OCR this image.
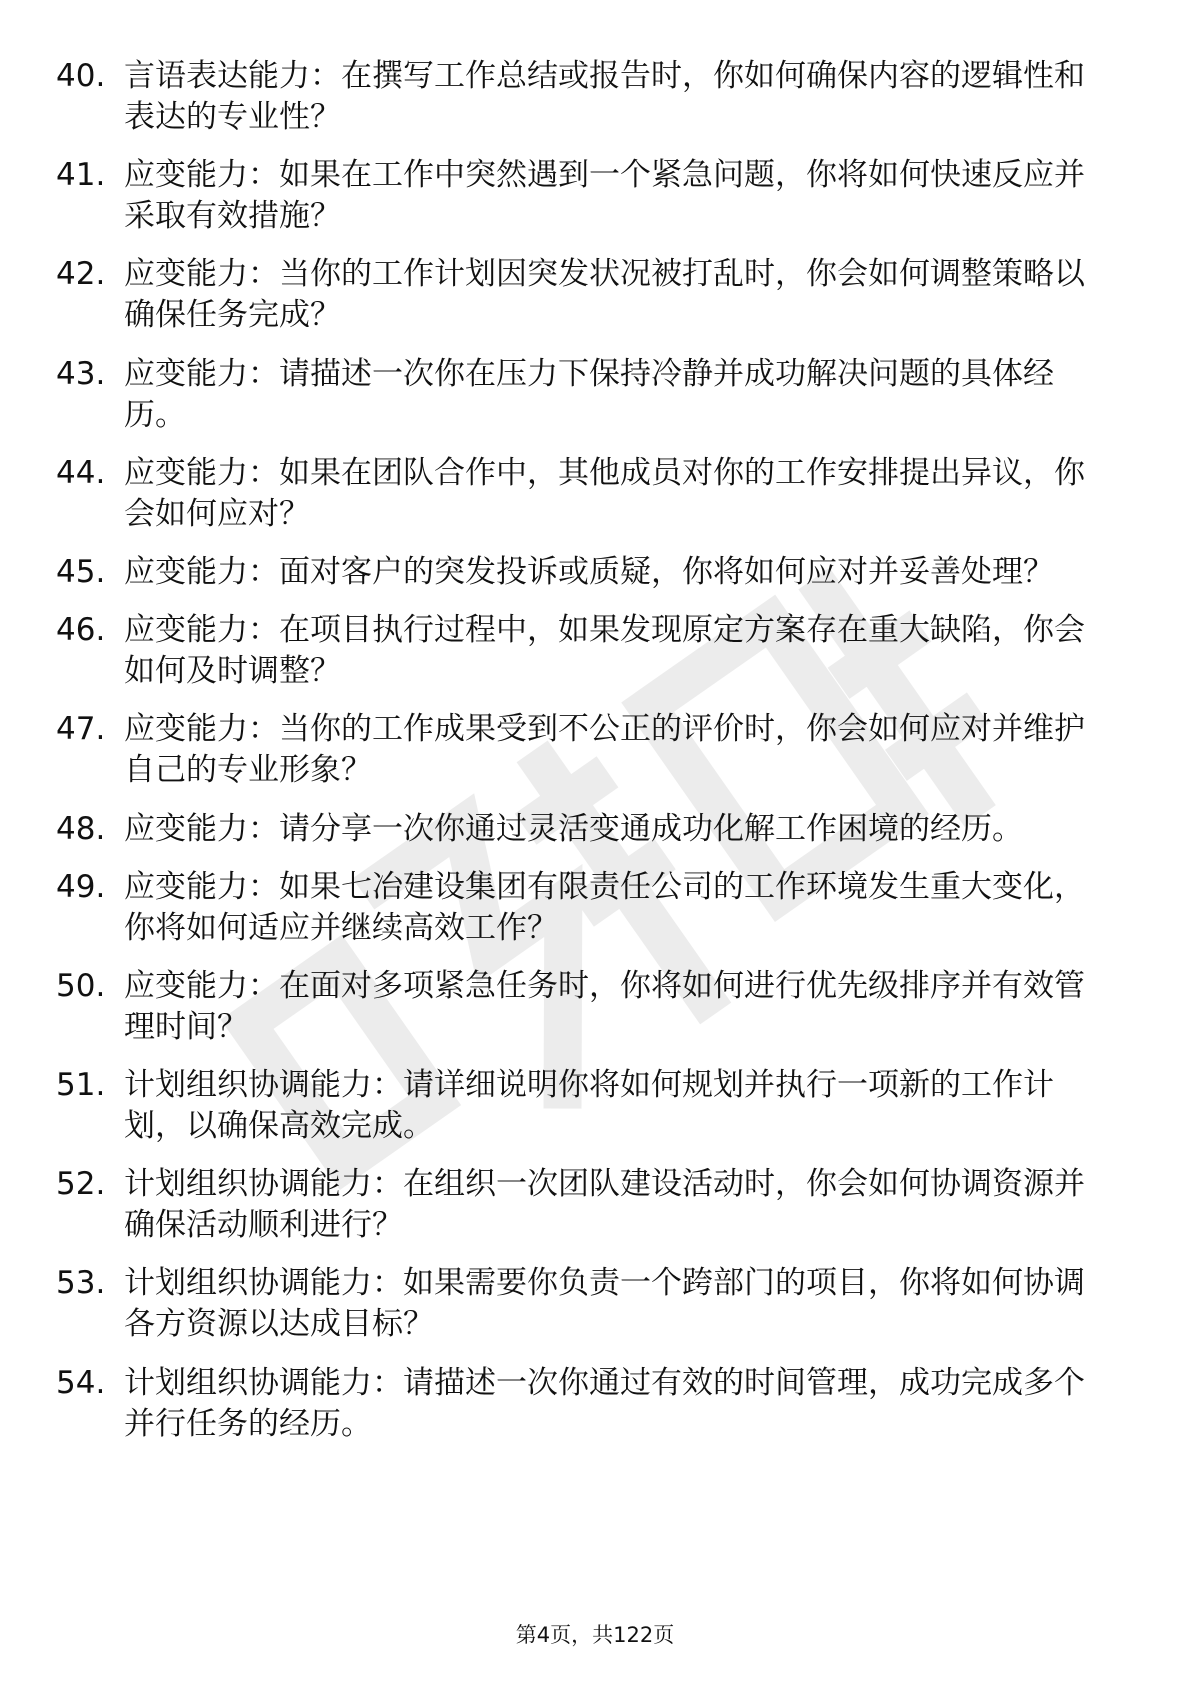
40. 言语表达能力：在撰写工作总结或报告时，你如何确保内容的逻辑性和表达的专业性？
41. 应变能力：如果在工作中突然遇到一个紧急问题，你将如何快速反应并采取有效措施？
42. 应变能力：当你的工作计划因突发状况被打乱时，你会如何调整策略以确保任务完成？
43. 应变能力：请描述一次你在压力下保持冷静并成功解决问题的具体经历。
44. 应变能力：如果在团队合作中，其他成员对你的工作安排提出异议，你会如何应对？
45. 应变能力：面对客户的突发投诉或质疑，你将如何应对并妥善处理？
46. 应变能力：在项目执行过程中，如果发现原定方案存在重大缺陷，你会如何及时调整？
47. 应变能力：当你的工作成果受到不公正的评价时，你会如何应对并维护自己的专业形象？
48. 应变能力：请分享一次你通过灵活变通成功化解工作困境的经历。
49. 应变能力：如果七冶建设集团有限责任公司的工作环境发生重大变化，你将如何适应并继续高效工作？
50. 应变能力：在面对多项紧急任务时，你将如何进行优先级排序并有效管理时间？
51. 计划组织协调能力：请详细说明你将如何规划并执行一项新的工作计划，以确保高效完成。
52. 计划组织协调能力：在组织一次团队建设活动时，你会如何协调资源并确保活动顺利进行？
53. 计划组织协调能力：如果需要你负责一个跨部门的项目，你将如何协调各方资源以达成目标？
54. 计划组织协调能力：请描述一次你通过有效的时间管理，成功完成多个并行任务的经历。
第4页，共122页
